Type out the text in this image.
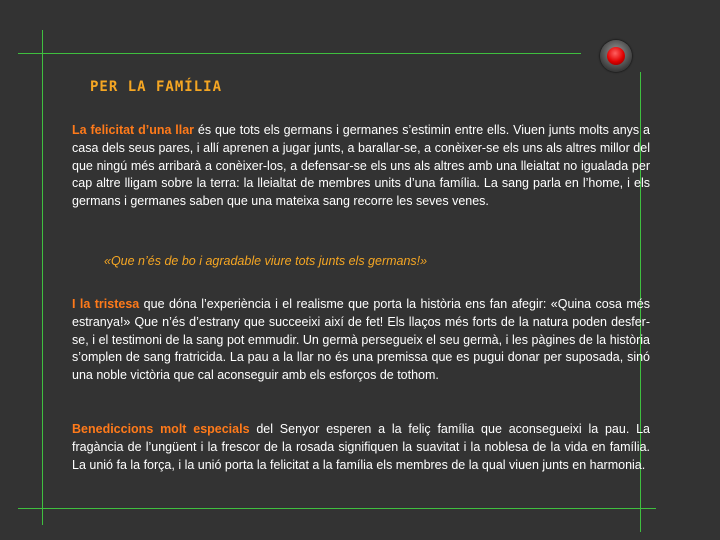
PER LA FAMÍLIA

La felicitat d’una llar és que tots els germans i germanes s’estimin entre ells. Viuen junts molts anys a casa dels seus pares, i allí aprenen a jugar junts, a barallar-se, a conèixer-se els uns als altres millor del que ningú més arribarà a conèixer-los, a defensar-se els uns als altres amb una lleialtat no igualada per cap altre lligam sobre la terra: la lleialtat de membres units d’una família. La sang parla en l’home, i els germans i germanes saben que una mateixa sang recorre les seves venes.

«Que n’és de bo i agradable viure tots junts els germans!»

I la tristesa que dóna l’experiència i el realisme que porta la història ens fan afegir: «Quina cosa més estranya!» Que n’és d’estrany que succeeixi així de fet! Els llaços més forts de la natura poden desfer-se, i el testimoni de la sang pot emmudir. Un germà persegueix el seu germà, i les pàgines de la història s’omplen de sang fratricida. La pau a la llar no és una premissa que es pugui donar per suposada, sinó una noble victòria que cal aconseguir amb els esforços de tothom.

Benediccions molt especials del Senyor esperen a la feliç família que aconsegueixi la pau. La fragància de l’ungüent i la frescor de la rosada signifiquen la suavitat i la noblesa de la vida en família. La unió fa la força, i la unió porta la felicitat a la família els membres de la qual viuen junts en harmonia.
